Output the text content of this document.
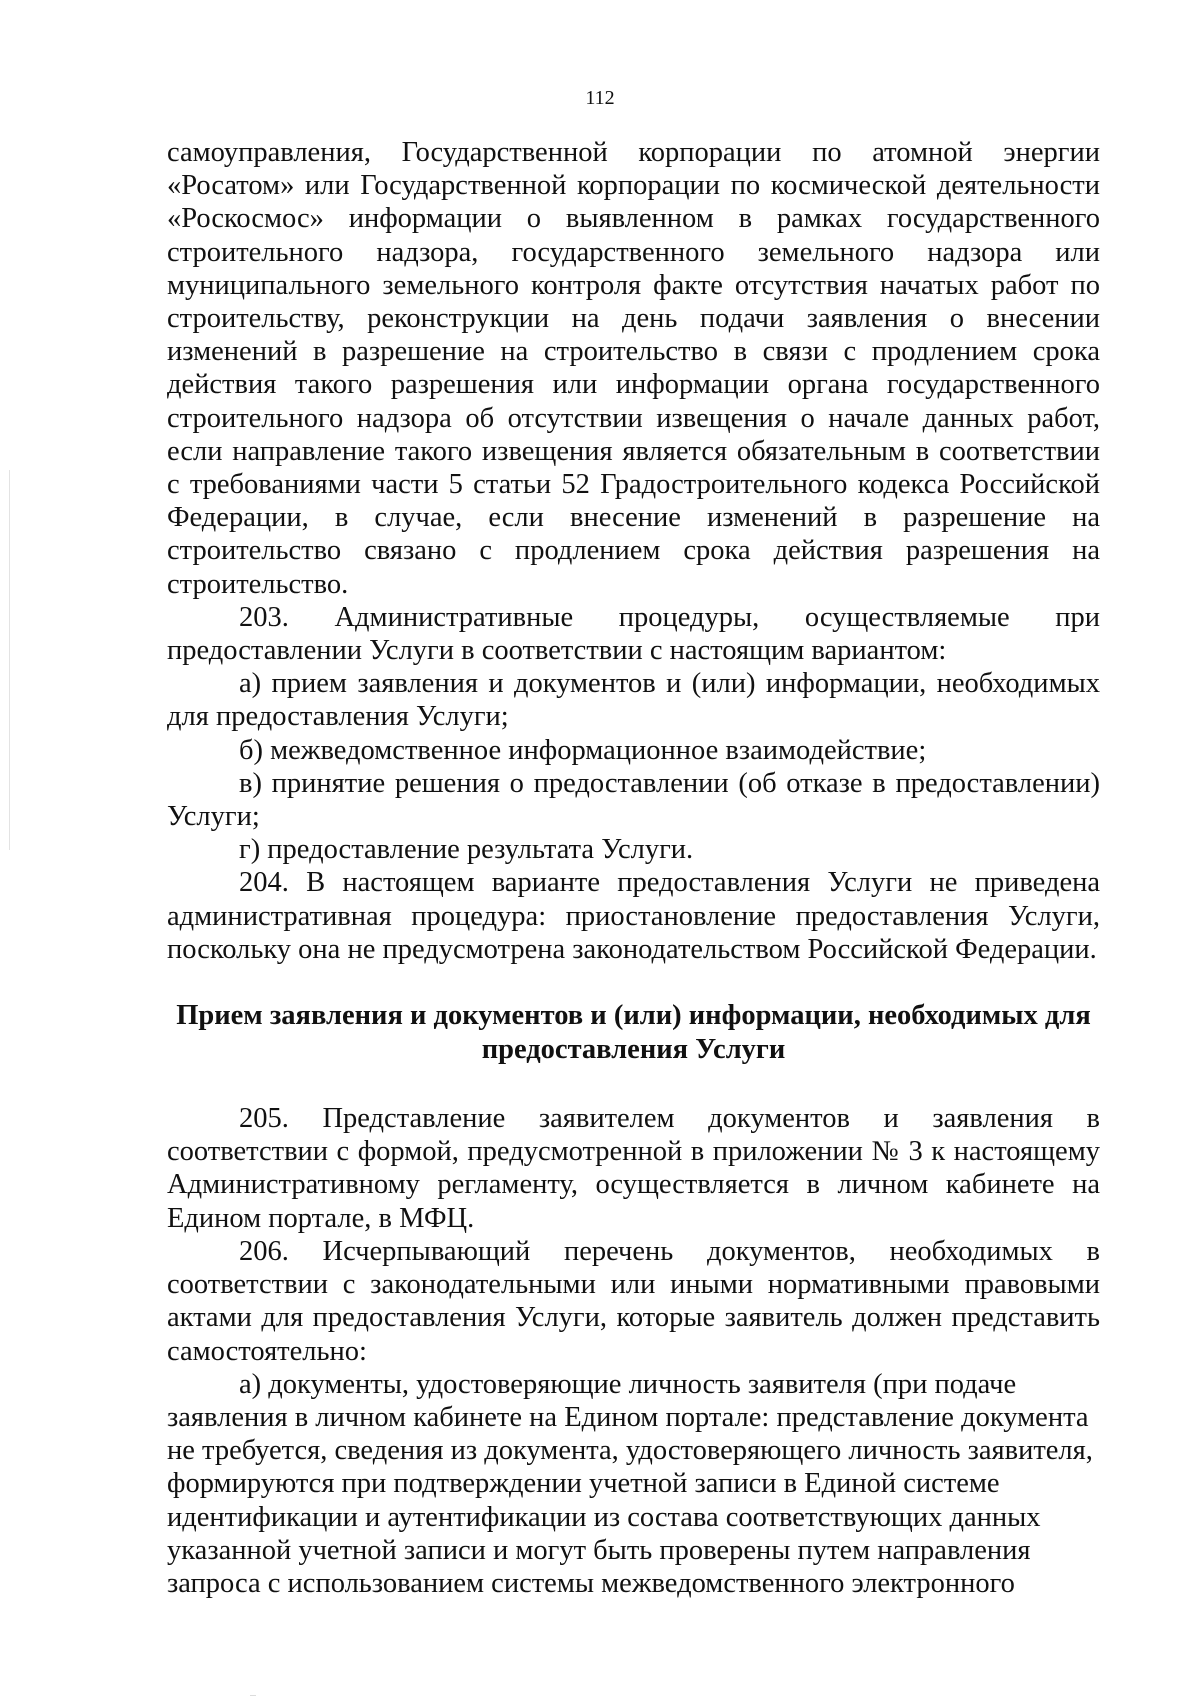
112

самоуправления, Государственной корпорации по атомной энергии «Росатом» или Государственной корпорации по космической деятельности «Роскосмос» информации о выявленном в рамках государственного строительного надзора, государственного земельного надзора или муниципального земельного контроля факте отсутствия начатых работ по строительству, реконструкции на день подачи заявления о внесении изменений в разрешение на строительство в связи с продлением срока действия такого разрешения или информации органа государственного строительного надзора об отсутствии извещения о начале данных работ, если направление такого извещения является обязательным в соответствии с требованиями части 5 статьи 52 Градостроительного кодекса Российской Федерации, в случае, если внесение изменений в разрешение на строительство связано с продлением срока действия разрешения на строительство.

203. Административные процедуры, осуществляемые при предоставлении Услуги в соответствии с настоящим вариантом:

а) прием заявления и документов и (или) информации, необходимых для предоставления Услуги;

б) межведомственное информационное взаимодействие;

в) принятие решения о предоставлении (об отказе в предоставлении) Услуги;

г) предоставление результата Услуги.

204. В настоящем варианте предоставления Услуги не приведена административная процедура: приостановление предоставления Услуги, поскольку она не предусмотрена законодательством Российской Федерации.

Прием заявления и документов и (или) информации, необходимых для
предоставления Услуги

205. Представление заявителем документов и заявления в соответствии с формой, предусмотренной в приложении № 3 к настоящему Административному регламенту, осуществляется в личном кабинете на Едином портале, в МФЦ.

206. Исчерпывающий перечень документов, необходимых в соответствии с законодательными или иными нормативными правовыми актами для предоставления Услуги, которые заявитель должен представить самостоятельно:

а) документы, удостоверяющие личность заявителя (при подаче заявления в личном кабинете на Едином портале: представление документа не требуется, сведения из документа, удостоверяющего личность заявителя, формируются при подтверждении учетной записи в Единой системе идентификации и аутентификации из состава соответствующих данных указанной учетной записи и могут быть проверены путем направления запроса с использованием системы межведомственного электронного
